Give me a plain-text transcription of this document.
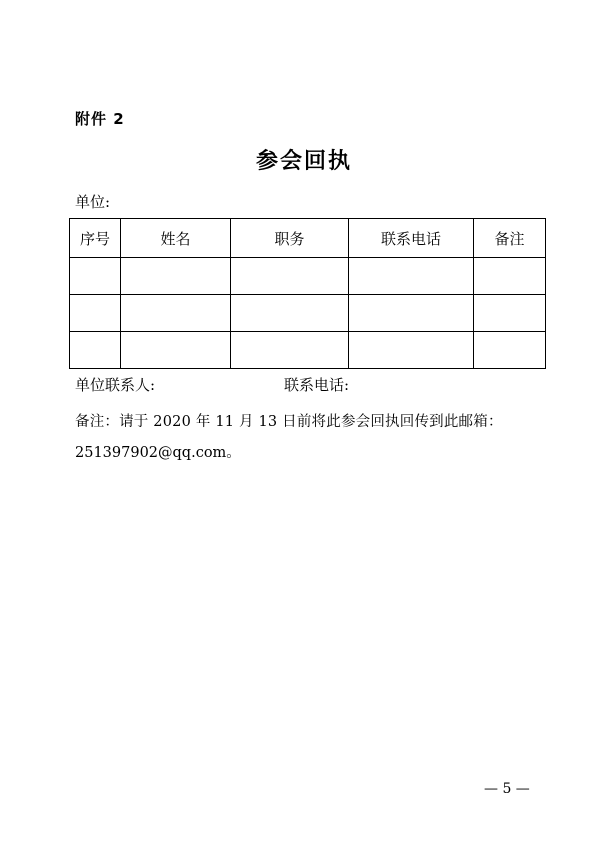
附件 2
参会回执
单位:
序号	姓名	职务	联系电话	备注

单位联系人:	联系电话:
备注：请于 2020 年 11 月 13 日前将此参会回执回传到此邮箱：
251397902@qq.com。
— 5 —
